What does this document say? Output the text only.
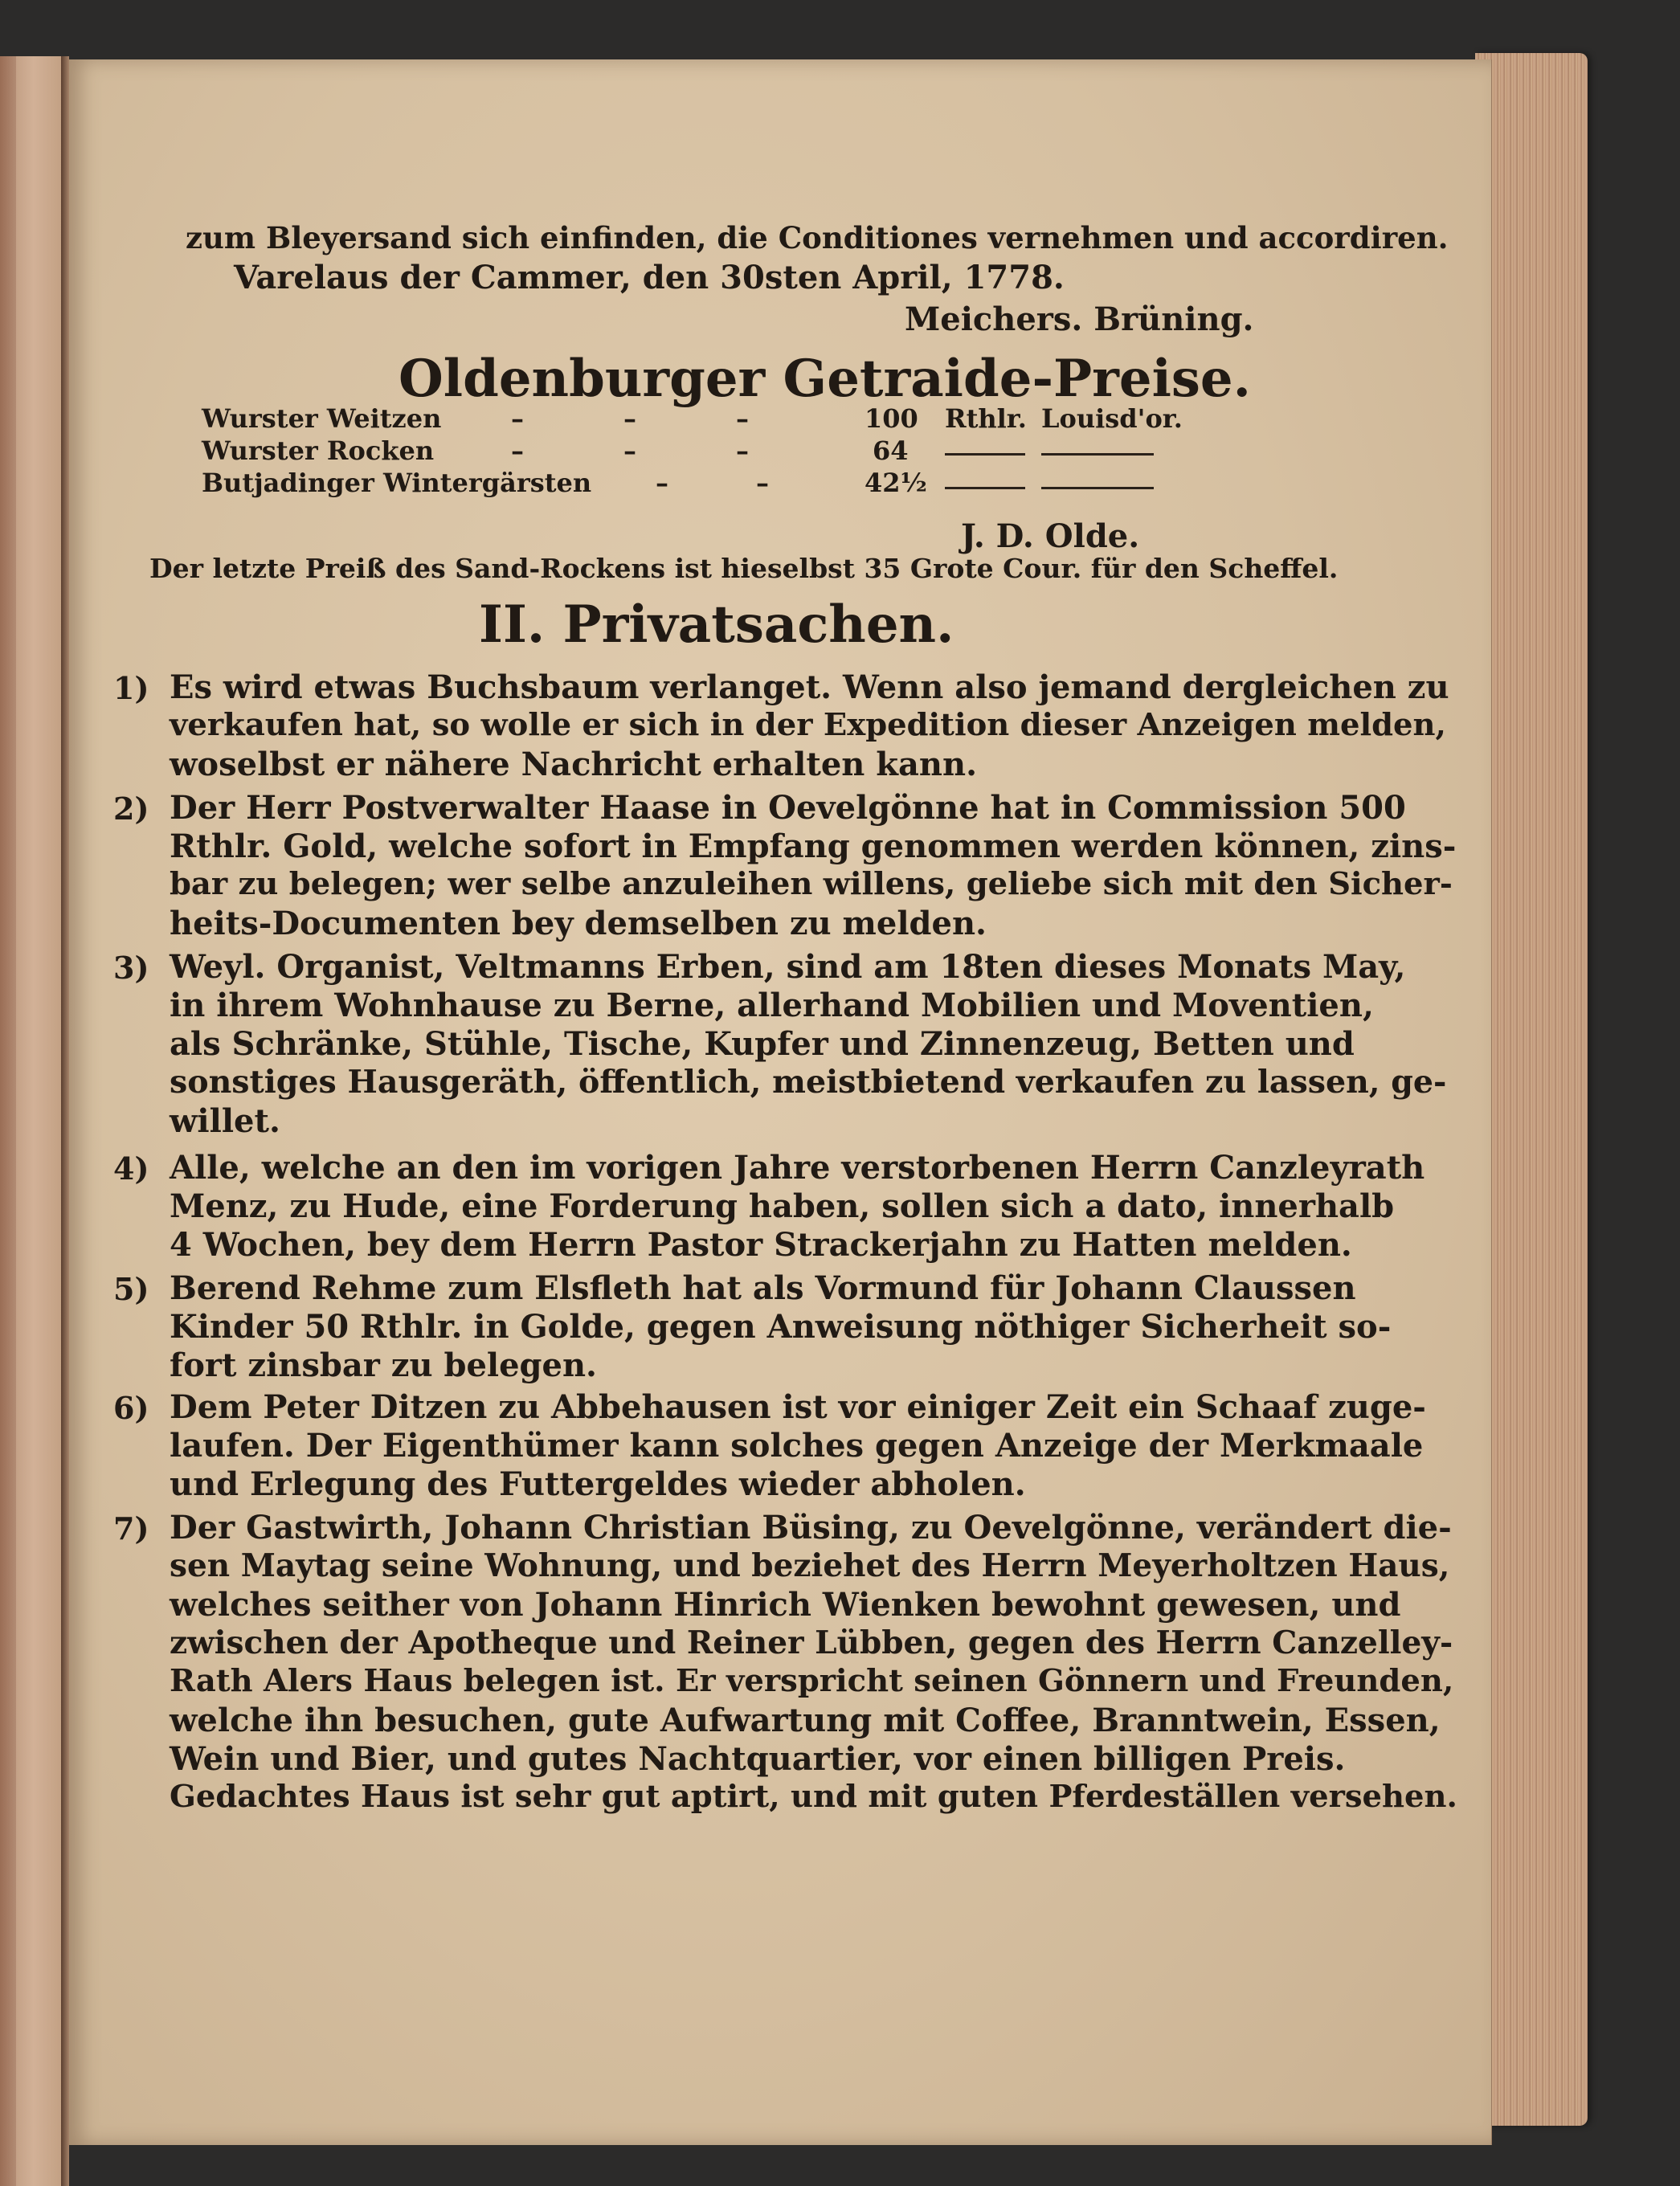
zum Bleyersand sich einfinden, die Conditiones vernehmen und accordiren.
Varelaus der Cammer, den 30sten April, 1778.
Meichers. Brüning.
Oldenburger Getraide-Preise.
Wurster Weitzen	–	–	–	100 Rthlr. Louisd'or.
Wurster Rocken	–	–	–	64
Butjadinger Wintergärsten –	–	42½
J. D. Olde.
Der letzte Preiß des Sand-Rockens ist hieselbst 35 Grote Cour. für den Scheffel.
II. Privatsachen.
1) Es wird etwas Buchsbaum verlanget. Wenn also jemand dergleichen zu
verkaufen hat, so wolle er sich in der Expedition dieser Anzeigen melden,
woselbst er nähere Nachricht erhalten kann.
2) Der Herr Postverwalter Haase in Oevelgönne hat in Commission 500
Rthlr. Gold, welche sofort in Empfang genommen werden können, zins-
bar zu belegen; wer selbe anzuleihen willens, geliebe sich mit den Sicher-
heits-Documenten bey demselben zu melden.
3) Weyl. Organist, Veltmanns Erben, sind am 18ten dieses Monats May,
in ihrem Wohnhause zu Berne, allerhand Mobilien und Moventien,
als Schränke, Stühle, Tische, Kupfer und Zinnenzeug, Betten und
sonstiges Hausgeräth, öffentlich, meistbietend verkaufen zu lassen, ge-
willet.
4) Alle, welche an den im vorigen Jahre verstorbenen Herrn Canzleyrath
Menz, zu Hude, eine Forderung haben, sollen sich a dato, innerhalb
4 Wochen, bey dem Herrn Pastor Strackerjahn zu Hatten melden.
5) Berend Rehme zum Elsfleth hat als Vormund für Johann Claussen
Kinder 50 Rthlr. in Golde, gegen Anweisung nöthiger Sicherheit so-
fort zinsbar zu belegen.
6) Dem Peter Ditzen zu Abbehausen ist vor einiger Zeit ein Schaaf zuge-
laufen. Der Eigenthümer kann solches gegen Anzeige der Merkmaale
und Erlegung des Futtergeldes wieder abholen.
7) Der Gastwirth, Johann Christian Büsing, zu Oevelgönne, verändert die-
sen Maytag seine Wohnung, und beziehet des Herrn Meyerholtzen Haus,
welches seither von Johann Hinrich Wienken bewohnt gewesen, und
zwischen der Apotheque und Reiner Lübben, gegen des Herrn Canzelley-
Rath Alers Haus belegen ist. Er verspricht seinen Gönnern und Freunden,
welche ihn besuchen, gute Aufwartung mit Coffee, Branntwein, Essen,
Wein und Bier, und gutes Nachtquartier, vor einen billigen Preis.
Gedachtes Haus ist sehr gut aptirt, und mit guten Pferdeställen versehen.
